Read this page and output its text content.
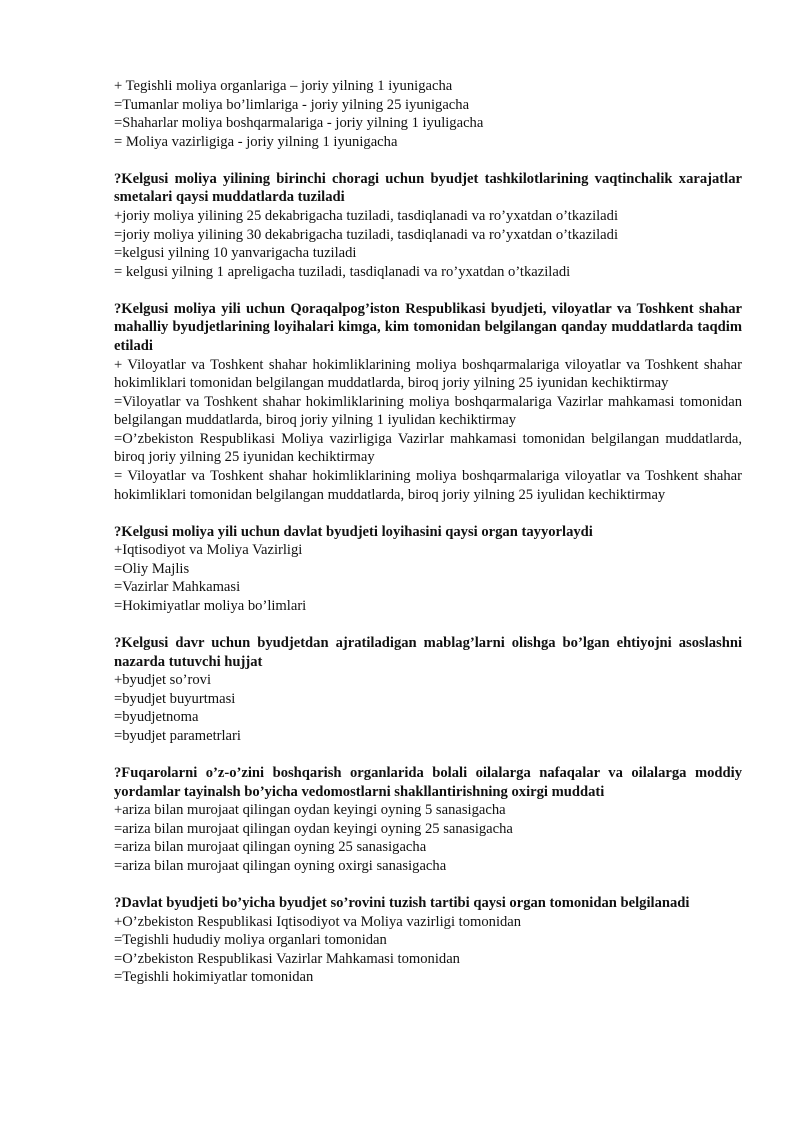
+ Tegishli moliya organlariga – joriy yilning 1 iyunigacha

=Tumanlar moliya bo’limlariga - joriy yilning 25 iyunigacha

=Shaharlar moliya boshqarmalariga - joriy yilning 1 iyuligacha

= Moliya vazirligiga - joriy yilning 1 iyunigacha

?Kelgusi moliya yilining birinchi choragi uchun byudjet tashkilotlarining vaqtinchalik xarajatlar smetalari qaysi muddatlarda tuziladi

+joriy moliya yilining 25 dekabrigacha tuziladi, tasdiqlanadi va ro’yxatdan o’tkaziladi

=joriy moliya yilining 30 dekabrigacha tuziladi, tasdiqlanadi va ro’yxatdan o’tkaziladi

=kelgusi yilning 10 yanvarigacha tuziladi

= kelgusi yilning 1 apreligacha tuziladi, tasdiqlanadi va ro’yxatdan o’tkaziladi

?Kelgusi moliya yili uchun Qoraqalpog’iston Respublikasi byudjeti, viloyatlar va Toshkent shahar mahalliy byudjetlarining loyihalari kimga, kim tomonidan belgilangan qanday muddatlarda taqdim etiladi

+ Viloyatlar va Toshkent shahar hokimliklarining moliya boshqarmalariga viloyatlar va Toshkent shahar hokimliklari tomonidan belgilangan muddatlarda, biroq joriy yilning 25 iyunidan kechiktirmay

=Viloyatlar va Toshkent shahar hokimliklarining moliya boshqarmalariga Vazirlar mahkamasi tomonidan belgilangan muddatlarda, biroq joriy yilning 1 iyulidan kechiktirmay

=O’zbekiston Respublikasi Moliya vazirligiga Vazirlar mahkamasi tomonidan belgilangan muddatlarda, biroq joriy yilning 25 iyunidan kechiktirmay

= Viloyatlar va Toshkent shahar hokimliklarining moliya boshqarmalariga viloyatlar va Toshkent shahar hokimliklari tomonidan belgilangan muddatlarda, biroq joriy yilning 25 iyulidan kechiktirmay

?Kelgusi moliya yili uchun davlat byudjeti loyihasini qaysi organ tayyorlaydi

+Iqtisodiyot va Moliya Vazirligi

=Oliy Majlis

=Vazirlar Mahkamasi

=Hokimiyatlar moliya bo’limlari

?Kelgusi davr uchun byudjetdan ajratiladigan mablag’larni olishga bo’lgan ehtiyojni asoslashni nazarda tutuvchi hujjat

+byudjet so’rovi

=byudjet buyurtmasi

=byudjetnoma

=byudjet parametrlari

?Fuqarolarni o’z-o’zini boshqarish organlarida bolali oilalarga nafaqalar va oilalarga moddiy yordamlar tayinalsh bo’yicha vedomostlarni shakllantirishning oxirgi muddati

+ariza bilan murojaat qilingan oydan keyingi oyning 5 sanasigacha

=ariza bilan murojaat qilingan oydan keyingi oyning 25 sanasigacha

=ariza bilan murojaat qilingan oyning 25 sanasigacha

=ariza bilan murojaat qilingan oyning oxirgi sanasigacha

?Davlat byudjeti bo’yicha byudjet so’rovini tuzish tartibi qaysi organ tomonidan belgilanadi

+O’zbekiston Respublikasi Iqtisodiyot va Moliya vazirligi tomonidan

=Tegishli hududiy moliya organlari tomonidan

=O’zbekiston Respublikasi Vazirlar Mahkamasi tomonidan

=Tegishli hokimiyatlar tomonidan
